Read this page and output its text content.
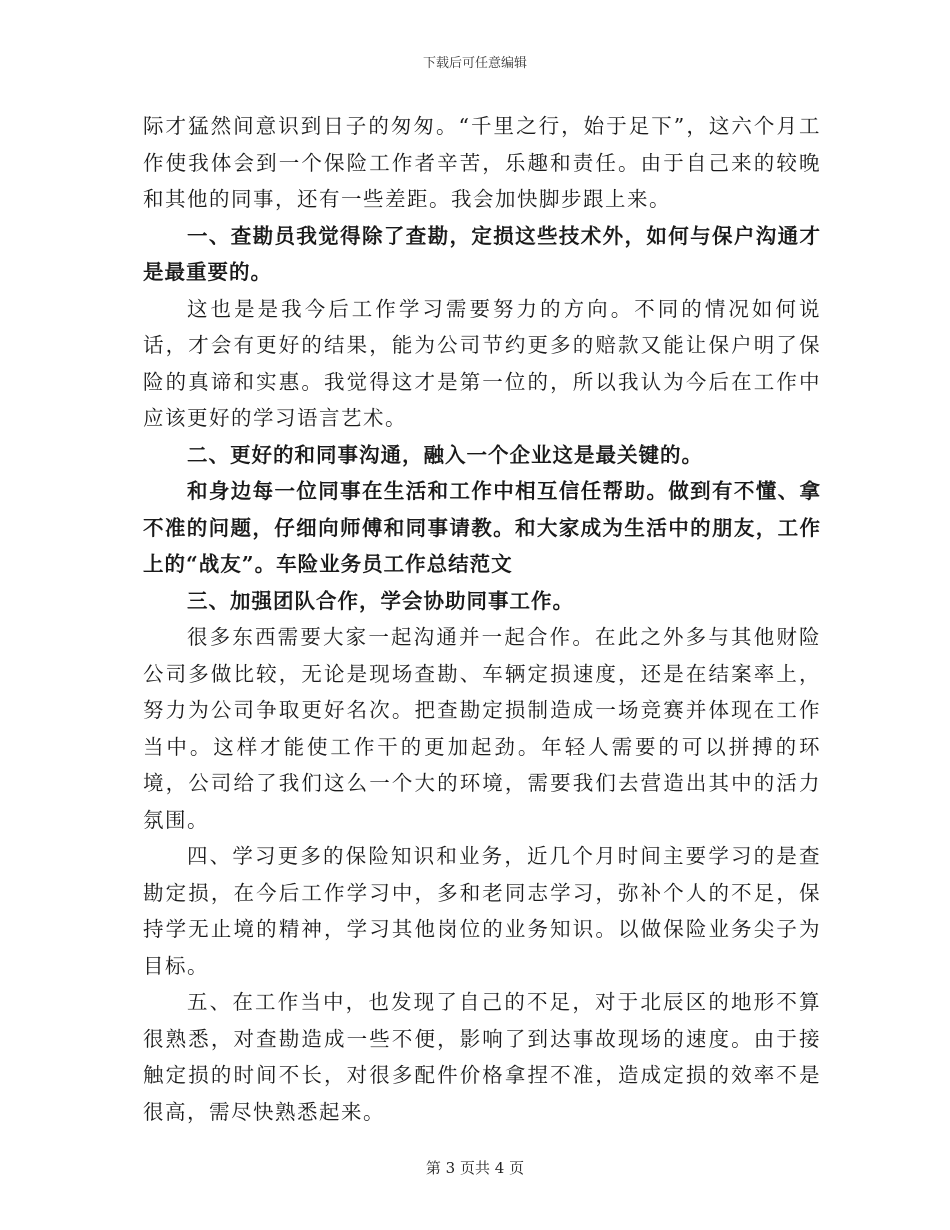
下载后可任意编辑

际才猛然间意识到日子的匆匆。“千里之行，始于足下”，这六个月工作使我体会到一个保险工作者辛苦，乐趣和责任。由于自己来的较晚和其他的同事，还有一些差距。我会加快脚步跟上来。

一、查勘员我觉得除了查勘，定损这些技术外，如何与保户沟通才是最重要的。

这也是是我今后工作学习需要努力的方向。不同的情况如何说话，才会有更好的结果，能为公司节约更多的赔款又能让保户明了保险的真谛和实惠。我觉得这才是第一位的，所以我认为今后在工作中应该更好的学习语言艺术。

二、更好的和同事沟通，融入一个企业这是最关键的。

和身边每一位同事在生活和工作中相互信任帮助。做到有不懂、拿不准的问题，仔细向师傅和同事请教。和大家成为生活中的朋友，工作上的“战友”。车险业务员工作总结范文

三、加强团队合作，学会协助同事工作。

很多东西需要大家一起沟通并一起合作。在此之外多与其他财险公司多做比较，无论是现场查勘、车辆定损速度，还是在结案率上，努力为公司争取更好名次。把查勘定损制造成一场竞赛并体现在工作当中。这样才能使工作干的更加起劲。年轻人需要的可以拼搏的环境，公司给了我们这么一个大的环境，需要我们去营造出其中的活力氛围。

四、学习更多的保险知识和业务，近几个月时间主要学习的是查勘定损，在今后工作学习中，多和老同志学习，弥补个人的不足，保持学无止境的精神，学习其他岗位的业务知识。以做保险业务尖子为目标。

五、在工作当中，也发现了自己的不足，对于北辰区的地形不算很熟悉，对查勘造成一些不便，影响了到达事故现场的速度。由于接触定损的时间不长，对很多配件价格拿捏不准，造成定损的效率不是很高，需尽快熟悉起来。

第 3 页共 4 页
